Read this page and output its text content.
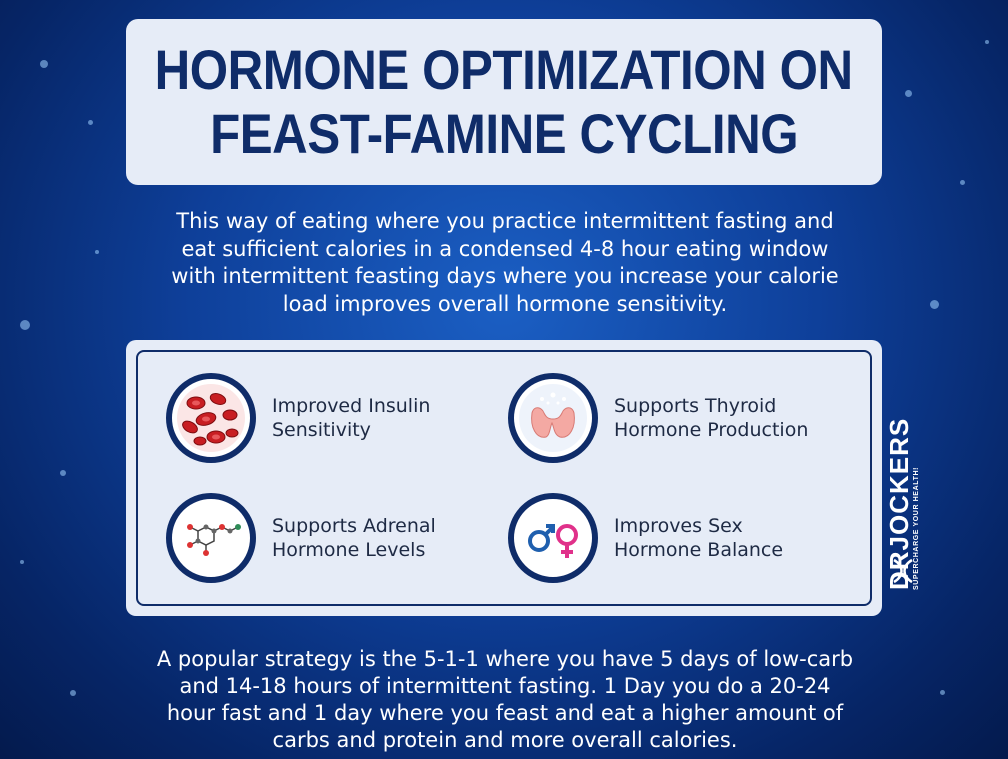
HORMONE OPTIMIZATION ON
FEAST-FAMINE CYCLING
This way of eating where you practice intermittent fasting and
eat sufficient calories in a condensed 4-8 hour eating window
with intermittent feasting days where you increase your calorie
load improves overall hormone sensitivity.
Improved Insulin
Sensitivity
Supports Thyroid
Hormone Production
Supports Adrenal
Hormone Levels
Improves Sex
Hormone Balance	DRJOCKERS SUPERCHARGE YOUR HEALTH!
A popular strategy is the 5-1-1 where you have 5 days of low-carb
and 14-18 hours of intermittent fasting. 1 Day you do a 20-24
hour fast and 1 day where you feast and eat a higher amount of
carbs and protein and more overall calories.
